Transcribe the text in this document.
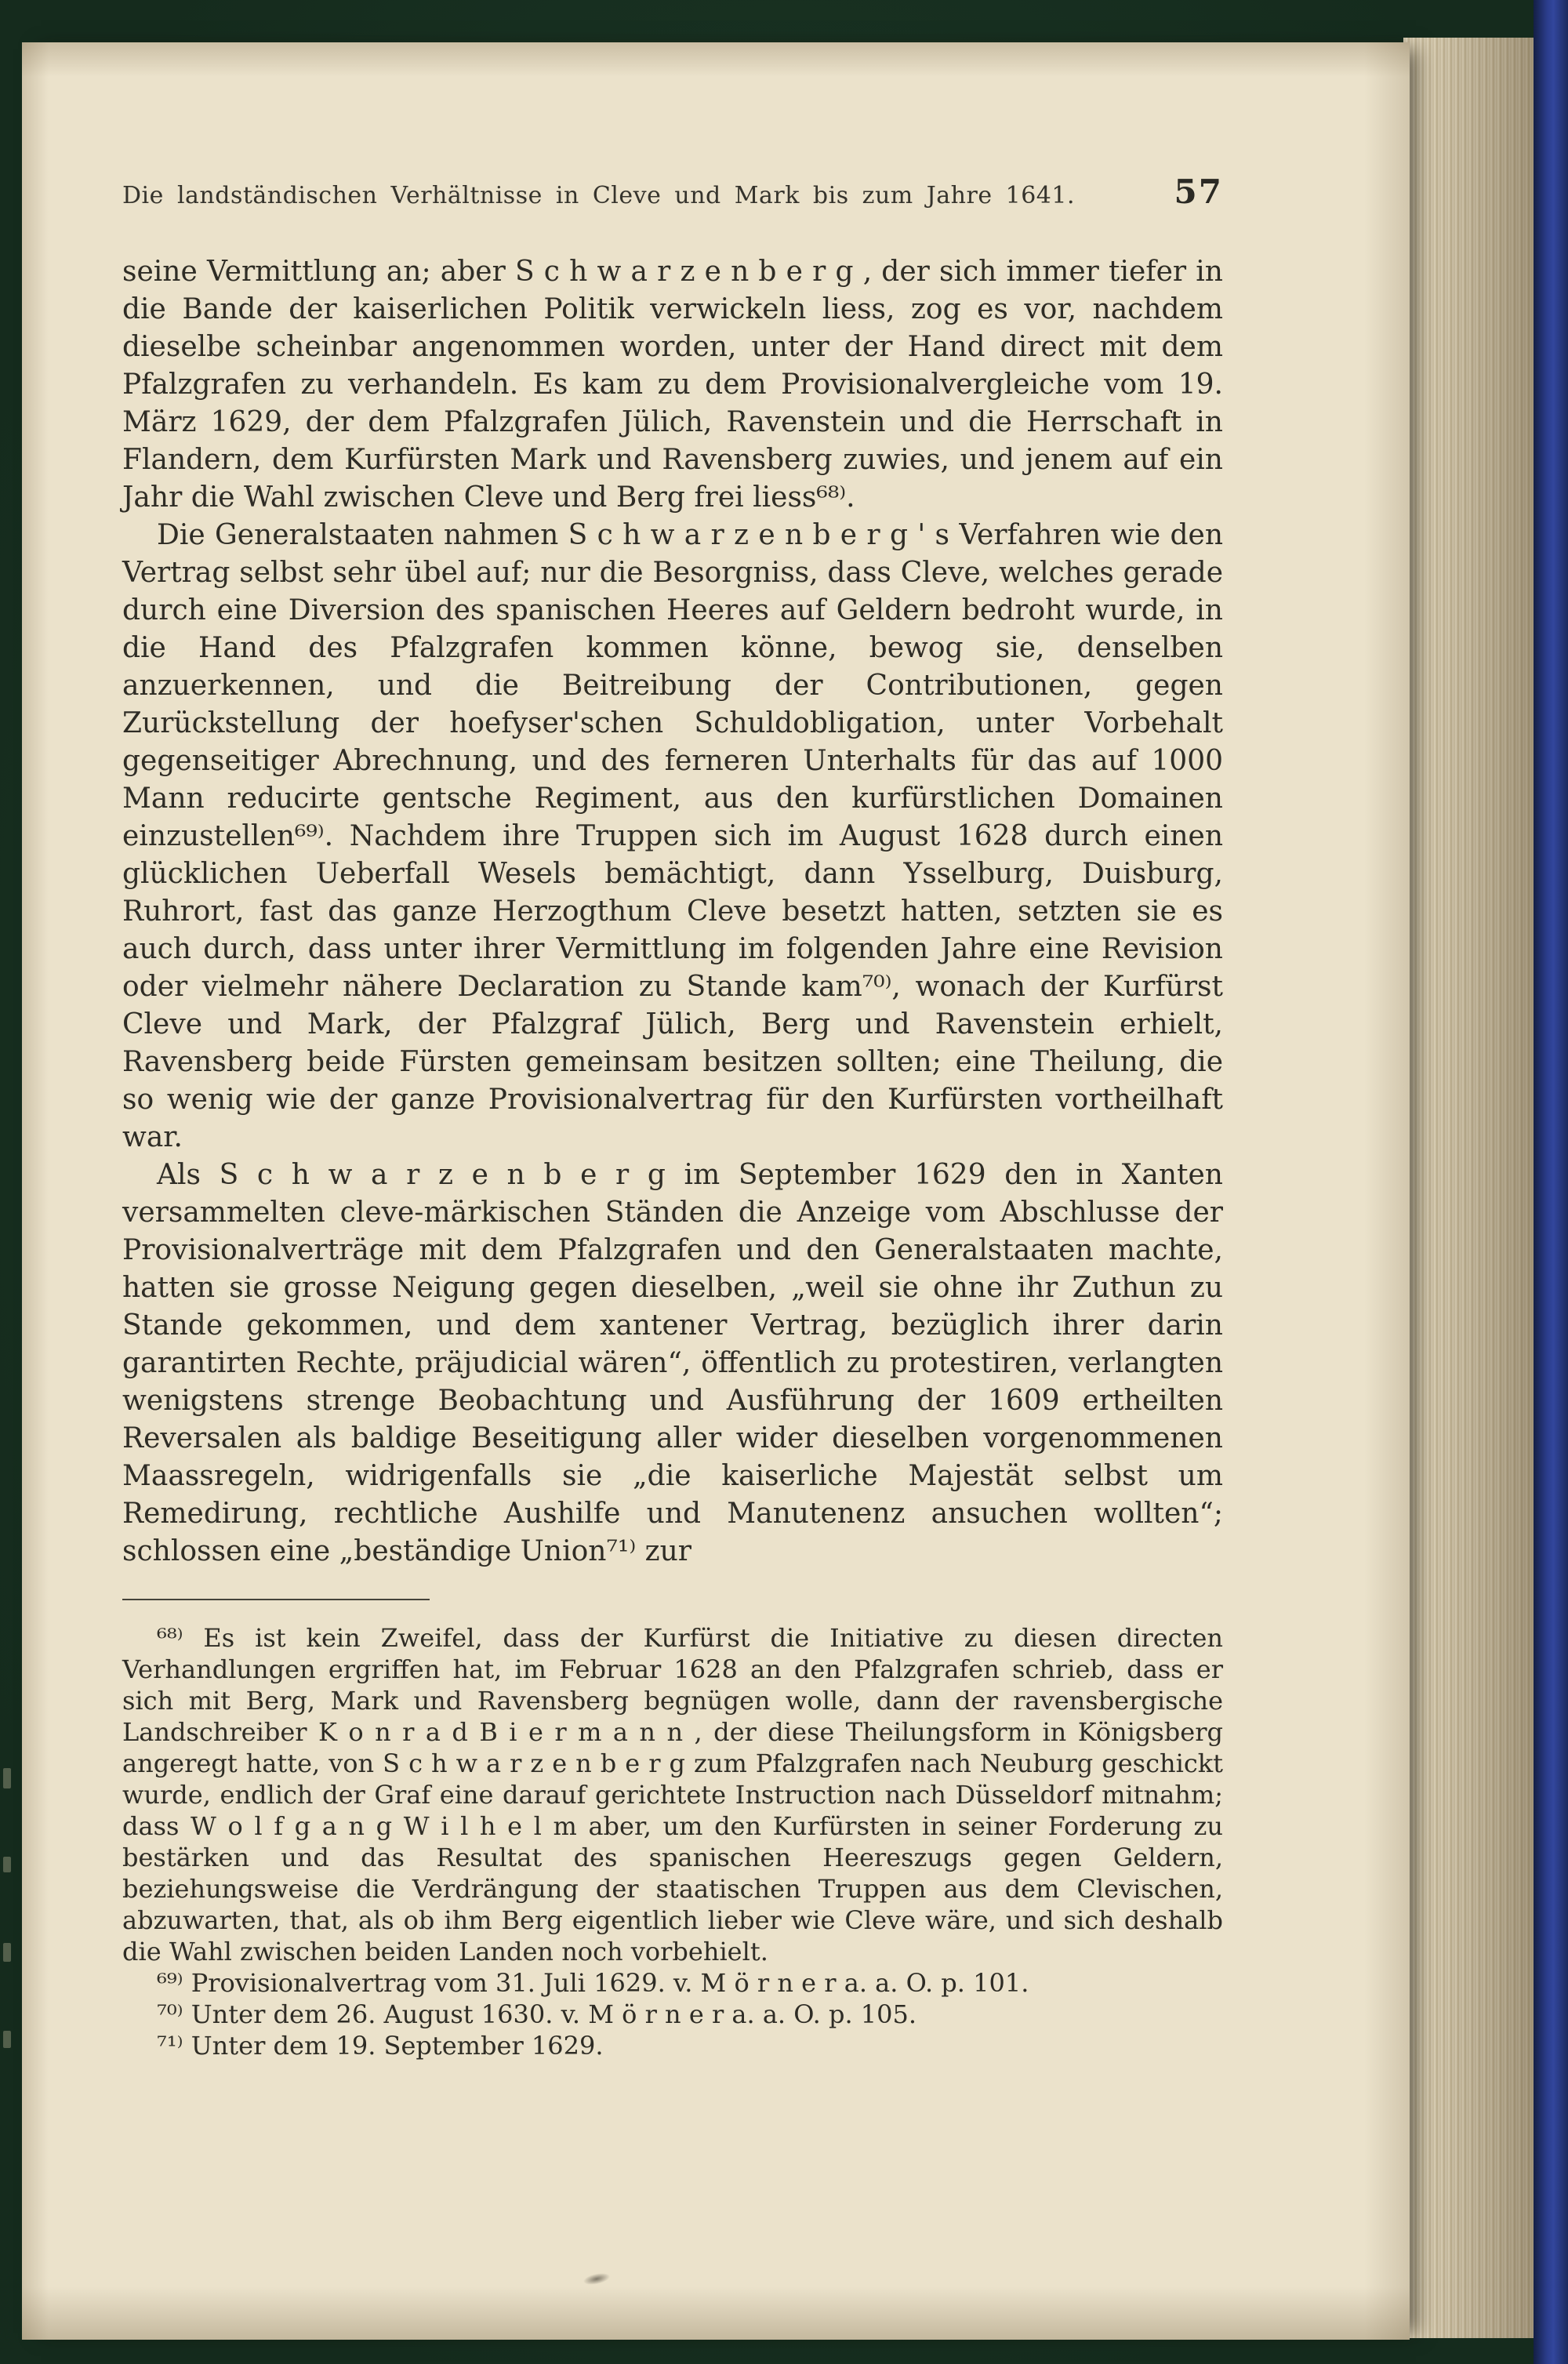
Die landständischen Verhältnisse in Cleve und Mark bis zum Jahre 1641.	57

seine Vermittlung an; aber S c h w a r z e n b e r g , der sich immer tiefer in die Bande der kaiserlichen Politik verwickeln liess, zog es vor, nachdem dieselbe scheinbar angenommen worden, unter der Hand direct mit dem Pfalzgrafen zu verhandeln. Es kam zu dem Provisionalvergleiche vom 19. März 1629, der dem Pfalzgrafen Jülich, Ravenstein und die Herrschaft in Flandern, dem Kurfürsten Mark und Ravensberg zuwies, und jenem auf ein Jahr die Wahl zwischen Cleve und Berg frei liess⁶⁸⁾.

Die Generalstaaten nahmen S c h w a r z e n b e r g ' s Verfahren wie den Vertrag selbst sehr übel auf; nur die Besorgniss, dass Cleve, welches gerade durch eine Diversion des spanischen Heeres auf Geldern bedroht wurde, in die Hand des Pfalzgrafen kommen könne, bewog sie, denselben anzuerkennen, und die Beitreibung der Contributionen, gegen Zurückstellung der hoefyser'schen Schuldobligation, unter Vorbehalt gegenseitiger Abrechnung, und des ferneren Unterhalts für das auf 1000 Mann reducirte gentsche Regiment, aus den kurfürstlichen Domainen einzustellen⁶⁹⁾. Nachdem ihre Truppen sich im August 1628 durch einen glücklichen Ueberfall Wesels bemächtigt, dann Ysselburg, Duisburg, Ruhrort, fast das ganze Herzogthum Cleve besetzt hatten, setzten sie es auch durch, dass unter ihrer Vermittlung im folgenden Jahre eine Revision oder vielmehr nähere Declaration zu Stande kam⁷⁰⁾, wonach der Kurfürst Cleve und Mark, der Pfalzgraf Jülich, Berg und Ravenstein erhielt, Ravensberg beide Fürsten gemeinsam besitzen sollten; eine Theilung, die so wenig wie der ganze Provisionalvertrag für den Kurfürsten vortheilhaft war.

Als S c h w a r z e n b e r g im September 1629 den in Xanten versammelten cleve-märkischen Ständen die Anzeige vom Abschlusse der Provisionalverträge mit dem Pfalzgrafen und den Generalstaaten machte, hatten sie grosse Neigung gegen dieselben, „weil sie ohne ihr Zuthun zu Stande gekommen, und dem xantener Vertrag, bezüglich ihrer darin garantirten Rechte, präjudicial wären“, öffentlich zu protestiren, verlangten wenigstens strenge Beobachtung und Ausführung der 1609 ertheilten Reversalen als baldige Beseitigung aller wider dieselben vorgenommenen Maassregeln, widrigenfalls sie „die kaiserliche Majestät selbst um Remedirung, rechtliche Aushilfe und Manutenenz ansuchen wollten“; schlossen eine „beständige Union⁷¹⁾ zur

⁶⁸⁾ Es ist kein Zweifel, dass der Kurfürst die Initiative zu diesen directen Verhandlungen ergriffen hat, im Februar 1628 an den Pfalzgrafen schrieb, dass er sich mit Berg, Mark und Ravensberg begnügen wolle, dann der ravensbergische Landschreiber K o n r a d B i e r m a n n , der diese Theilungsform in Königsberg angeregt hatte, von S c h w a r z e n b e r g zum Pfalzgrafen nach Neuburg geschickt wurde, endlich der Graf eine darauf gerichtete Instruction nach Düsseldorf mitnahm; dass W o l f g a n g W i l h e l m aber, um den Kurfürsten in seiner Forderung zu bestärken und das Resultat des spanischen Heereszugs gegen Geldern, beziehungsweise die Verdrängung der staatischen Truppen aus dem Clevischen, abzuwarten, that, als ob ihm Berg eigentlich lieber wie Cleve wäre, und sich deshalb die Wahl zwischen beiden Landen noch vorbehielt.

⁶⁹⁾ Provisionalvertrag vom 31. Juli 1629. v. M ö r n e r a. a. O. p. 101.

⁷⁰⁾ Unter dem 26. August 1630. v. M ö r n e r a. a. O. p. 105.

⁷¹⁾ Unter dem 19. September 1629.
